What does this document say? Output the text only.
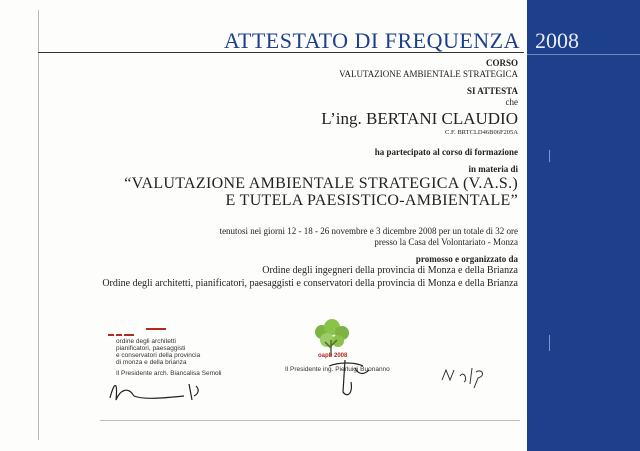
2008
ATTESTATO DI FREQUENZA
CORSO
VALUTAZIONE AMBIENTALE STRATEGICA
SI ATTESTA
che
L’ing. BERTANI CLAUDIO
C.F. BRTCLD46B06F205A
ha partecipato al corso di formazione
in materia di
“VALUTAZIONE AMBIENTALE STRATEGICA (V.A.S.)
E TUTELA PAESISTICO-AMBIENTALE”
tenutosi nei giorni 12 - 18 - 26 novembre e 3 dicembre 2008 per un totale di 32 ore
presso la Casa del Volontariato - Monza
promosso e organizzato da
Ordine degli ingegneri della provincia di Monza e della Brianza
Ordine degli architetti, pianificatori, paesaggisti e conservatori della provincia di Monza e della Brianza
ordine degli architetti
pianificatori, paesaggisti
e conservatori della provincia
di monza e della brianza
Il Presidente arch. Biancalisa Semoli
oapb 2008
Il Presidente ing. Pierluigi Buonanno
